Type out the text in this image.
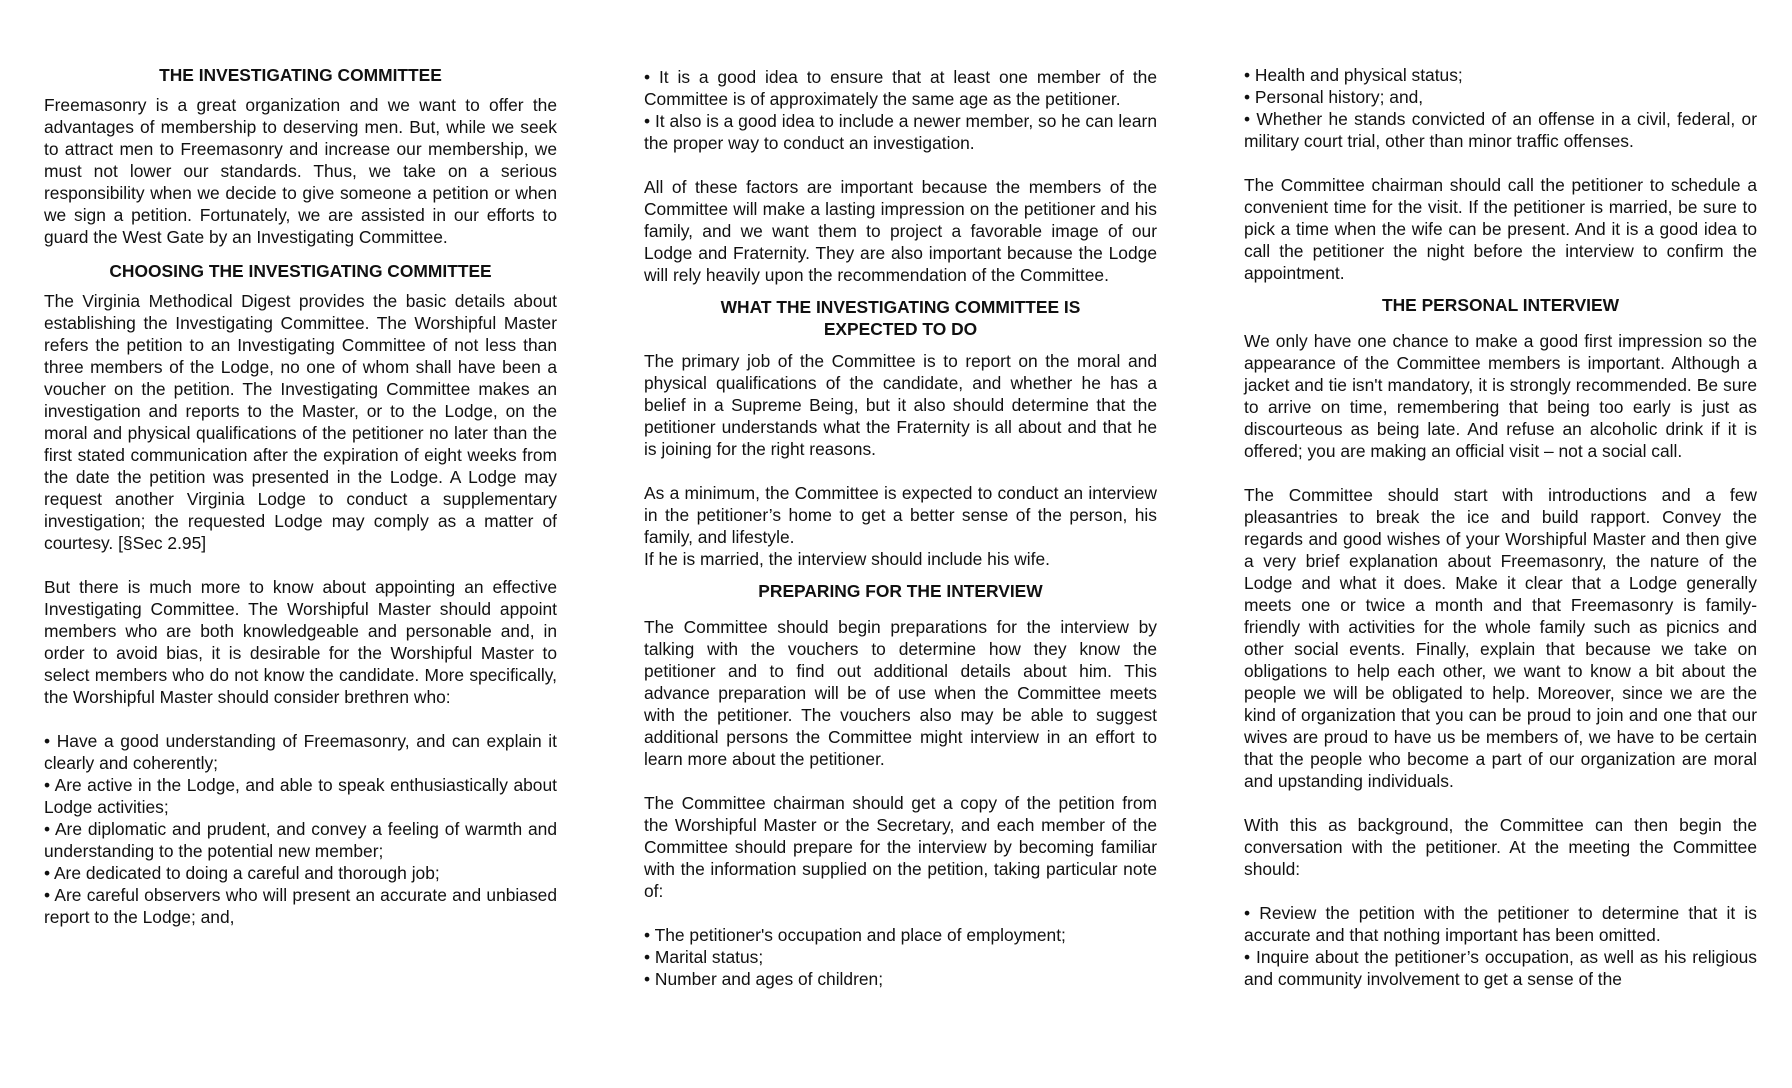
THE INVESTIGATING COMMITTEE

Freemasonry is a great organization and we want to offer the advantages of membership to deserving men. But, while we seek to attract men to Freemasonry and increase our membership, we must not lower our standards. Thus, we take on a serious responsibility when we decide to give someone a petition or when we sign a petition. Fortunately, we are assisted in our efforts to guard the West Gate by an Investigating Committee.

CHOOSING THE INVESTIGATING COMMITTEE

The Virginia Methodical Digest provides the basic details about establishing the Investigating Committee. The Worshipful Master refers the petition to an Investigating Committee of not less than three members of the Lodge, no one of whom shall have been a voucher on the petition. The Investigating Committee makes an investigation and reports to the Master, or to the Lodge, on the moral and physical qualifications of the petitioner no later than the first stated communication after the expiration of eight weeks from the date the petition was presented in the Lodge. A Lodge may request another Virginia Lodge to conduct a supplementary investigation; the requested Lodge may comply as a matter of courtesy. [§Sec 2.95]

But there is much more to know about appointing an effective Investigating Committee. The Worshipful Master should appoint members who are both knowledgeable and personable and, in order to avoid bias, it is desirable for the Worshipful Master to select members who do not know the candidate. More specifically, the Worshipful Master should consider brethren who:

• Have a good understanding of Freemasonry, and can explain it clearly and coherently;
• Are active in the Lodge, and able to speak enthusiastically about Lodge activities;
• Are diplomatic and prudent, and convey a feeling of warmth and understanding to the potential new member;
• Are dedicated to doing a careful and thorough job;
• Are careful observers who will present an accurate and unbiased report to the Lodge; and,
• It is a good idea to ensure that at least one member of the Committee is of approximately the same age as the petitioner.
• It also is a good idea to include a newer member, so he can learn the proper way to conduct an investigation.

All of these factors are important because the members of the Committee will make a lasting impression on the petitioner and his family, and we want them to project a favorable image of our Lodge and Fraternity. They are also important because the Lodge will rely heavily upon the recommendation of the Committee.

WHAT THE INVESTIGATING COMMITTEE IS
EXPECTED TO DO

The primary job of the Committee is to report on the moral and physical qualifications of the candidate, and whether he has a belief in a Supreme Being, but it also should determine that the petitioner understands what the Fraternity is all about and that he is joining for the right reasons.

As a minimum, the Committee is expected to conduct an interview in the petitioner’s home to get a better sense of the person, his family, and lifestyle.

If he is married, the interview should include his wife.

PREPARING FOR THE INTERVIEW

The Committee should begin preparations for the interview by talking with the vouchers to determine how they know the petitioner and to find out additional details about him. This advance preparation will be of use when the Committee meets with the petitioner. The vouchers also may be able to suggest additional persons the Committee might interview in an effort to learn more about the petitioner.

The Committee chairman should get a copy of the petition from the Worshipful Master or the Secretary, and each member of the Committee should prepare for the interview by becoming familiar with the information supplied on the petition, taking particular note of:

• The petitioner's occupation and place of employment;
• Marital status;
• Number and ages of children;
• Health and physical status;
• Personal history; and,
• Whether he stands convicted of an offense in a civil, federal, or military court trial, other than minor traffic offenses.

The Committee chairman should call the petitioner to schedule a convenient time for the visit. If the petitioner is married, be sure to pick a time when the wife can be present. And it is a good idea to call the petitioner the night before the interview to confirm the appointment.

THE PERSONAL INTERVIEW

We only have one chance to make a good first impression so the appearance of the Committee members is important. Although a jacket and tie isn't mandatory, it is strongly recommended. Be sure to arrive on time, remembering that being too early is just as discourteous as being late. And refuse an alcoholic drink if it is offered; you are making an official visit – not a social call.

The Committee should start with introductions and a few pleasantries to break the ice and build rapport. Convey the regards and good wishes of your Worshipful Master and then give a very brief explanation about Freemasonry, the nature of the Lodge and what it does. Make it clear that a Lodge generally meets one or twice a month and that Freemasonry is family-friendly with activities for the whole family such as picnics and other social events. Finally, explain that because we take on obligations to help each other, we want to know a bit about the people we will be obligated to help. Moreover, since we are the kind of organization that you can be proud to join and one that our wives are proud to have us be members of, we have to be certain that the people who become a part of our organization are moral and upstanding individuals.

With this as background, the Committee can then begin the conversation with the petitioner. At the meeting the Committee should:

• Review the petition with the petitioner to determine that it is accurate and that nothing important has been omitted.
• Inquire about the petitioner’s occupation, as well as his religious and community involvement to get a sense of the
